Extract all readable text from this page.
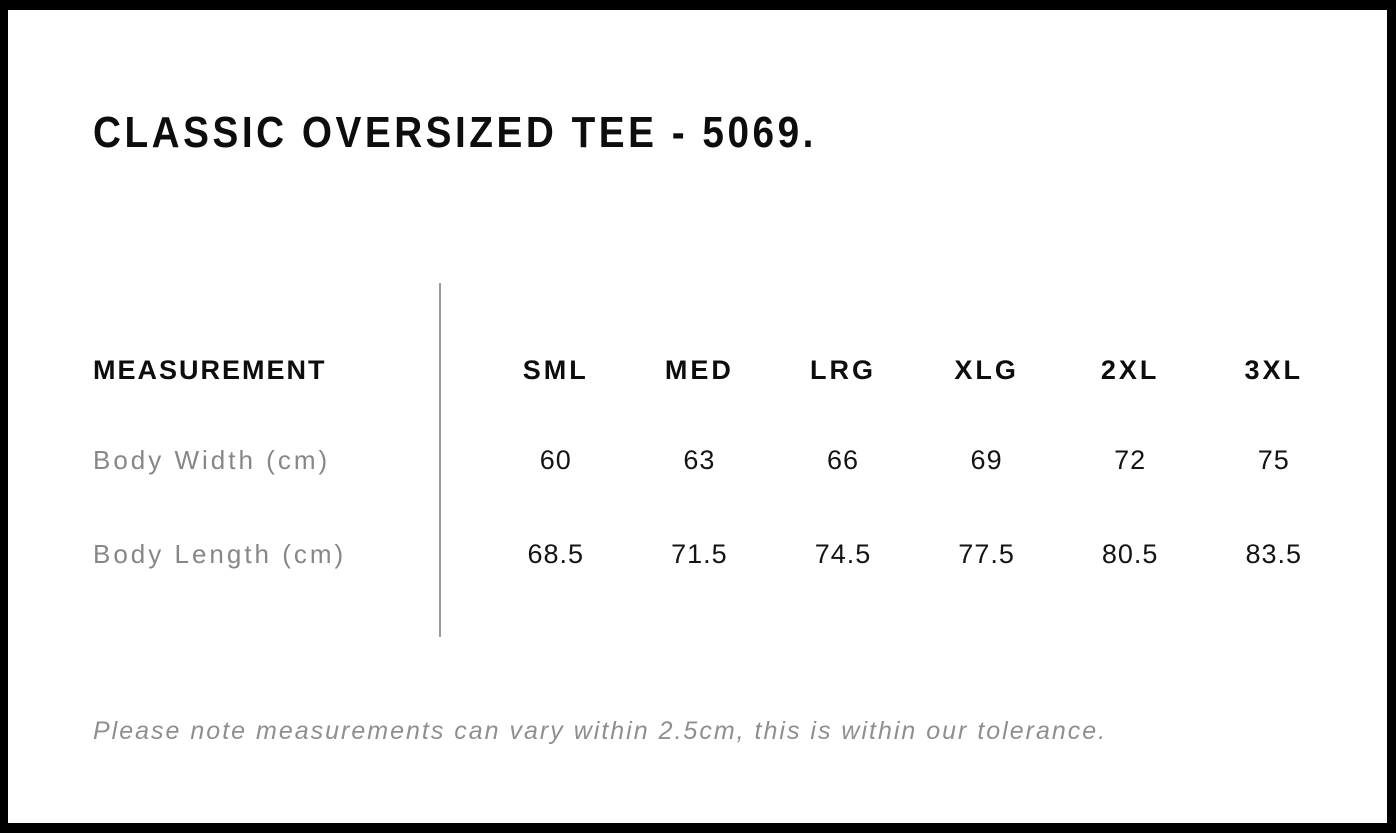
CLASSIC OVERSIZED TEE - 5069.
MEASUREMENT	SML	MED	LRG	XLG	2XL	3XL
Body Width (cm)	60	63	66	69	72	75
Body Length (cm)	68.5	71.5	74.5	77.5	80.5	83.5

Please note measurements can vary within 2.5cm, this is within our tolerance.
